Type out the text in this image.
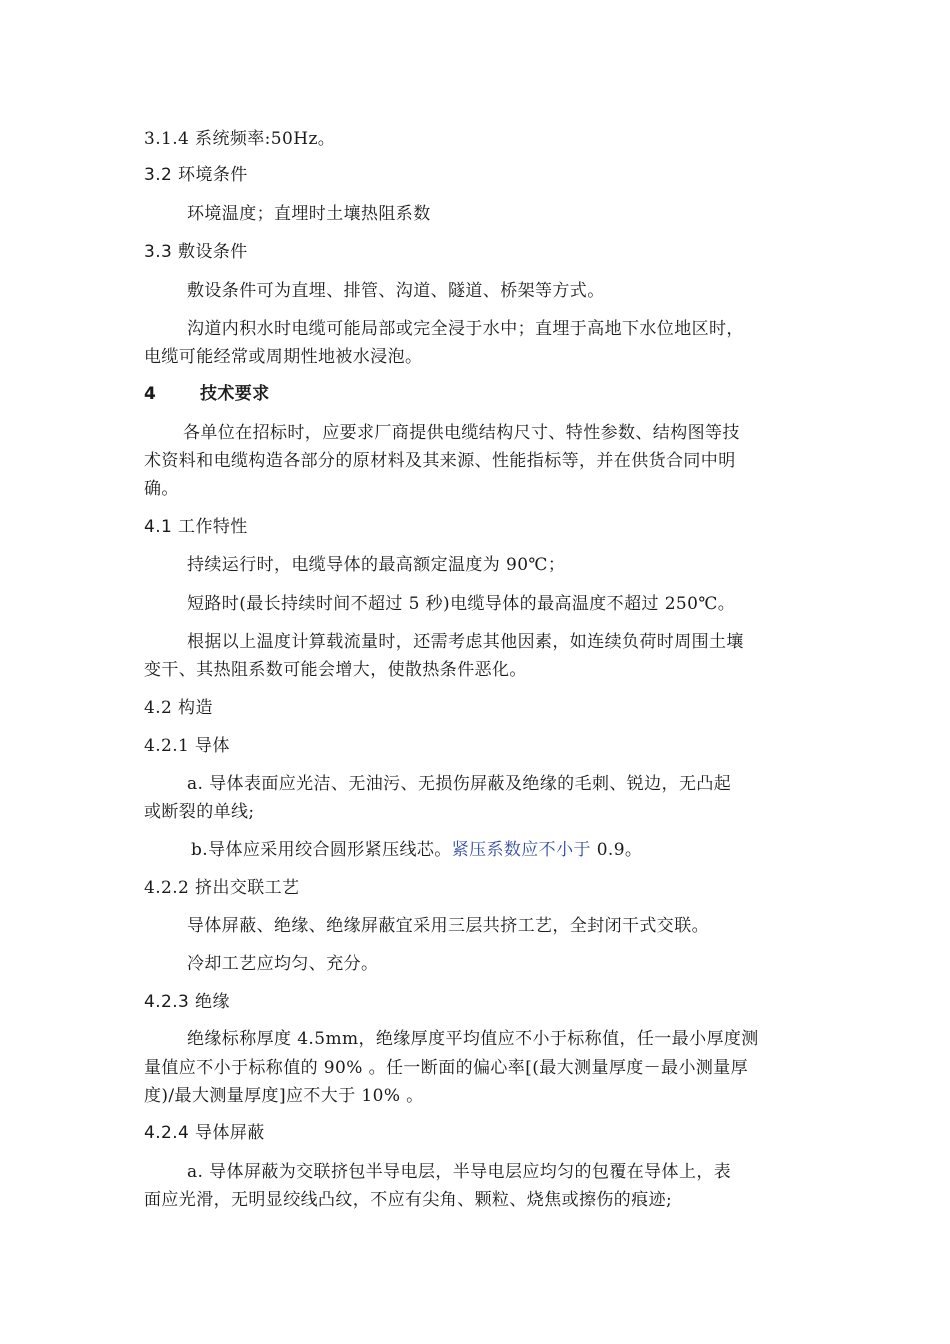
3.1.4 系统频率:50Hz。
3.2 环境条件
环境温度；直埋时土壤热阻系数
3.3 敷设条件
敷设条件可为直埋、排管、沟道、隧道、桥架等方式。
沟道内积水时电缆可能局部或完全浸于水中；直埋于高地下水位地区时，
电缆可能经常或周期性地被水浸泡。
4	技术要求
各单位在招标时，应要求厂商提供电缆结构尺寸、特性参数、结构图等技
术资料和电缆构造各部分的原材料及其来源、性能指标等，并在供货合同中明
确。
4.1 工作特性
持续运行时，电缆导体的最高额定温度为 90℃；
短路时(最长持续时间不超过 5 秒)电缆导体的最高温度不超过 250℃。
根据以上温度计算载流量时，还需考虑其他因素，如连续负荷时周围土壤
变干、其热阻系数可能会增大，使散热条件恶化。
4.2 构造
4.2.1 导体
a. 导体表面应光洁、无油污、无损伤屏蔽及绝缘的毛刺、锐边，无凸起
或断裂的单线;
b.导体应采用绞合圆形紧压线芯。紧压系数应不小于 0.9。
4.2.2 挤出交联工艺
导体屏蔽、绝缘、绝缘屏蔽宜采用三层共挤工艺，全封闭干式交联。
冷却工艺应均匀、充分。
4.2.3 绝缘
绝缘标称厚度 4.5mm，绝缘厚度平均值应不小于标称值，任一最小厚度测
量值应不小于标称值的 90% 。任一断面的偏心率[(最大测量厚度－最小测量厚
度)/最大测量厚度]应不大于 10% 。
4.2.4 导体屏蔽
a. 导体屏蔽为交联挤包半导电层，半导电层应均匀的包覆在导体上，表
面应光滑，无明显绞线凸纹，不应有尖角、颗粒、烧焦或擦伤的痕迹;
